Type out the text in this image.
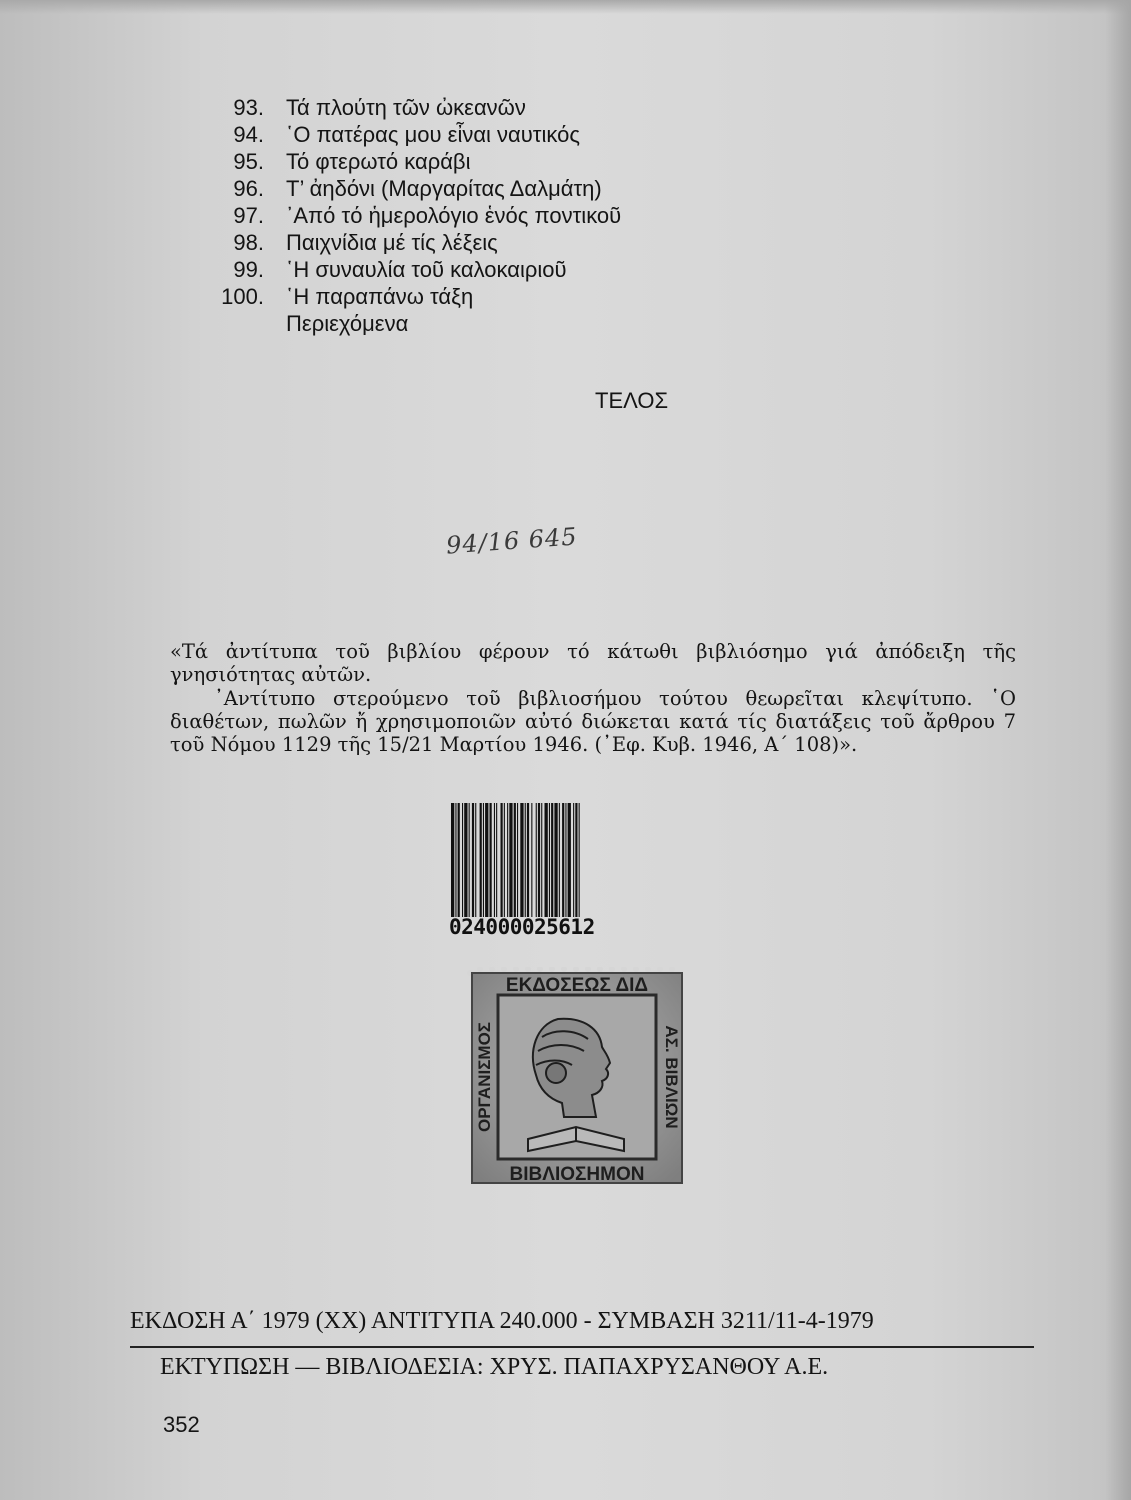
93.	Τά πλούτη τῶν ὠκεανῶν
94.	῾Ο πατέρας μου εἶναι ναυτικός
95.	Τό φτερωτό καράβι
96.	Τ’ ἀηδόνι (Μαργαρίτας Δαλμάτη)
97.	᾿Από τό ἡμερολόγιο ἑνός ποντικοῦ
98.	Παιχνίδια μέ τίς λέξεις
99.	῾Η συναυλία τοῦ καλοκαιριοῦ
100.	῾Η παραπάνω τάξη
Περιεχόμενα
ΤΕΛΟΣ
94/16 645

«Τά ἀντίτυπα τοῦ βιβλίου φέρουν τό κάτωθι βιβλιόσημο γιά ἀπόδειξη τῆς γνησιότητας αὐτῶν.

᾿Αντίτυπο στερούμενο τοῦ βιβλιοσήμου τούτου θεωρεῖται κλεψίτυπο. ῾Ο διαθέτων, πωλῶν ἤ χρησιμοποιῶν αὐτό διώκεται κατά τίς διατάξεις τοῦ ἄρθρου 7 τοῦ Νόμου 1129 τῆς 15/21 Μαρτίου 1946. (᾿Εφ. Κυβ. 1946, Α΄ 108)».

024000025612
ΕΚΔΟΣΕΩΣ ΔΙΔ
ΒΙΒΛΙΟΣΗΜΟΝ
ΟΡΓΑΝΙΣΜΟΣ	ΑΣ. ΒΙΒΛΙΩΝ
ΕΚΔΟΣΗ Α΄ 1979 (ΧΧ) ΑΝΤΙΤΥΠΑ 240.000 - ΣΥΜΒΑΣΗ 3211/11-4-1979
ΕΚΤΥΠΩΣΗ — ΒΙΒΛΙΟΔΕΣΙΑ: ΧΡΥΣ. ΠΑΠΑΧΡΥΣΑΝΘΟΥ Α.Ε.
352
